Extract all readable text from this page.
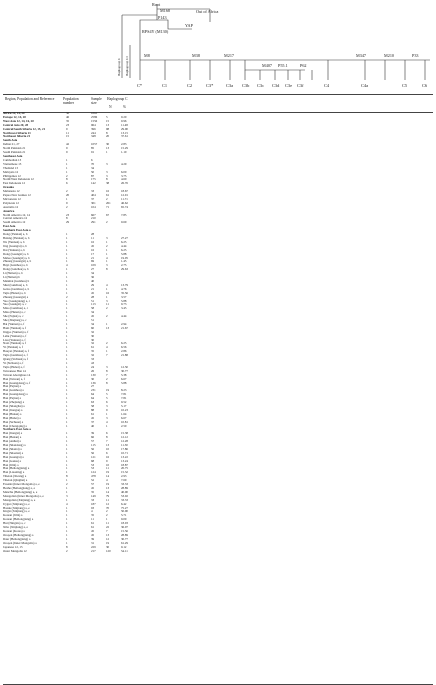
Root
Out of Africa
M168
P143
YAP
RPS4Y (M130)
M8	M38	M217
M407 P55.1	P62
M347	M210	P33
C*	C1	C2	C3*	C3a C3b C3c C3d C3e C3f	C4	C4a	C5	C6
Haplogroup C Haplogroup C3
Region, Population and Reference Population number
Sample size
Haplogroup C
N	%
Africa 12, 14, 20	36	1863
Europe 12, 14, 20	46	2586	5	0.20
West Asia 12, 14, 16, 20	35	1556	15	0.96
Central Asia 20, 28	23	964	13	11.48
Central/South Siberia 12, 15, 21	9	396	98	29.00
Northwest Siberia 21	11	244	8	13.15
Northeast Siberia 21	15	348	20	37.61
South Asia
Indian 21, 27	42	1057	30	2.83
North Pakistan 21	9	85	13	15.29
South Pakistan 21	9	91	1	1.10
Southeast Asia
Cambodian 13	1	6
Vietnamese 13	1	70	3	4.29
Thailand 13	1	34
Malaysia 12	1	50	3	6.00
Philippines 12	2	87	3	3.75
North/West Indonesia 12	8	175	8	4.60
East Indonesia 12	6	142	38	26.76
Oceania
Melanesia 12	2	33	16	18.67
Papua New Guinea 12	20	404	61	12.91
Micronesia 12	1	37	2	11.71
Polynesia 12	9	301	261	46.62
Australia 12	2	104	71	65.74
America
North America 12, 14	23	667	67	7.85
Central America 12	8	210
South America 12	29	291	2	0.69
East Asia
Southern East Asia a
Dong (Yunnan) a, b	1	28
Bulang (Yunnan) a, b	1	11	3	27.27
Wa (Yunnan) a, b	1	16	1	6.25
Jing (Guangxi) a, b	1	45	2	4.44
Dai (Yunnan) a, b	1	16	1	6.25
Dong (Guangxi) a, b	1	17	1	5.88
Maleo (Guangxi) a, b	1	21	4	19.05
Zhuang (Guangxi) a, b	1	69	1	1.45
Buyi (Guizhou) a, b	4	109	3	2.75
Dong (Guizhou) a, b	1	27	8	29.63
Li (Hainan) a, b	1	34
Li (Hainan) b	1	36
Manmai (Guizhou) b	1	40
Shui (Guizhou) a, b	1	29	4	13.79
Gelao (Guizhou) a, b	1	21	1	4.76
Tujia (Hunan) a, b	1	45	16	35.56
Zhuang (Guangxi) a	2	28	1	3.57
Yao (Guangdong) a, c	1	51	3	5.88
Yao (Guangxi) a, c	1	113	11	9.73
Miao (Guizhou) a, c	1	58	2	3.45
Miao (Hunan) a, c	1	34
She (Fujian) a, c	1	45	2	4.44
She (Zhejiang) a, c	1	51
Bai (Yunnan) a, f	1	34	1	2.94
Hani (Yunnan) a, f	1	60	13	21.67
Jingpo (Yunnan) a, f	1	32
Lahu (Yunnan) a, f	1	30
Lisu (Yunnan) a, f	1	30
Naxi (Yunnan) a, f	1	32	2	6.25
Yi (Yunnan) a, f	1	61	4	6.56
Bouyei (Yunnan) a, f	1	35	1	2.86
Tujia (Guizhou) a, f	1	32	7	21.88
Qiang (Sichuan) a, f	1	33
Yi (Sichuan) a, f	1	43
Tujia (Hubei) a, f	1	24	3	12.50
Taiwanese Han 14	1	26	8	30.77
Taiwan Aborigines 14	1	130	7	5.38
Han (Taiwan) a, f	1	30	2	6.67
Han (Guangdong) a, f	1	136	8	5.88
Han (Fujian) a	1	27
Han (Guizhou) a	1	231	19	8.23
Han (Guangdong) a	1	64	5	7.81
Han (Fujian) a	1	64	5	7.81
Han (Zhejiang) a	1	63	6	9.52
Han (Shanghai) a	1	58	3	5.17
Han (Jiangsu) a	1	88	9	10.23
Han (Hunan) a	1	61	1	1.64
Han (Hubei) a	1	45	3	6.67
Han (Sichuan) a	1	37	4	10.81
Han (Chongqing) a	1	40	1	2.50
Northern East Asia a
Han (Jiangxi) a	1	39	6	15.38
Han (Henan) a	1	66	8	12.12
Han (Anhui) a	1	57	7	12.28
Han (Shandong) a	1	115	13	11.30
Han (Shanxi) a	1	56	10	17.86
Han (Shaanxi) a	1	56	6	10.71
Han (Guangxi) a	1	121	16	13.22
Han (Gansu) a	1	68	9	13.24
Han (Jilin) a	1	53	10	18.87
Han (Heilongjiang) a	1	53	11	20.75
Han (Liaoning) a	1	124	19	15.32
Tibetan (Xizang) a	8	478	14	2.93
Tibetan (Qinghai) a	1	52	4	7.69
Ewenki (Inner Mongolia) a, e	2	57	19	33.33
Hezhe (Heilongjiang) a, e	1	45	13	28.89
Manchu (Heilongjiang) a, e	1	35	14	40.00
Mongolian (Inner Mongolia) a, e	3	149	79	53.02
Mongolian (Xinjiang) a, e	1	33	11	33.33
Uygur (Xinjiang) a, e	4	187	12	6.42
Hazak (Xinjiang) a, e	1	93	70	75.27
Kirgiz (Xinjiang) a, e	1	4	2	50.00
Korean (Jilin) a	1	35	2	5.71
Korean (Heilongjiang) a	1	11	1	9.09
Hui (Ningxia) a, c	1	61	11	18.03
Xibo (Xinjiang) a, e	1	61	22	36.07
Korean (Korea) a	1	45	7	15.56
Oroqen (Heilongjiang) a	1	45	13	28.89
Daur (Heilongjiang) a	1	39	12	30.77
Oroqen (Inner Mongolia) a	1	31	19	61.29
Japanese 12, 15	8	229	30	9.12
Outer Mongolia 12	2	217	120	54.11
